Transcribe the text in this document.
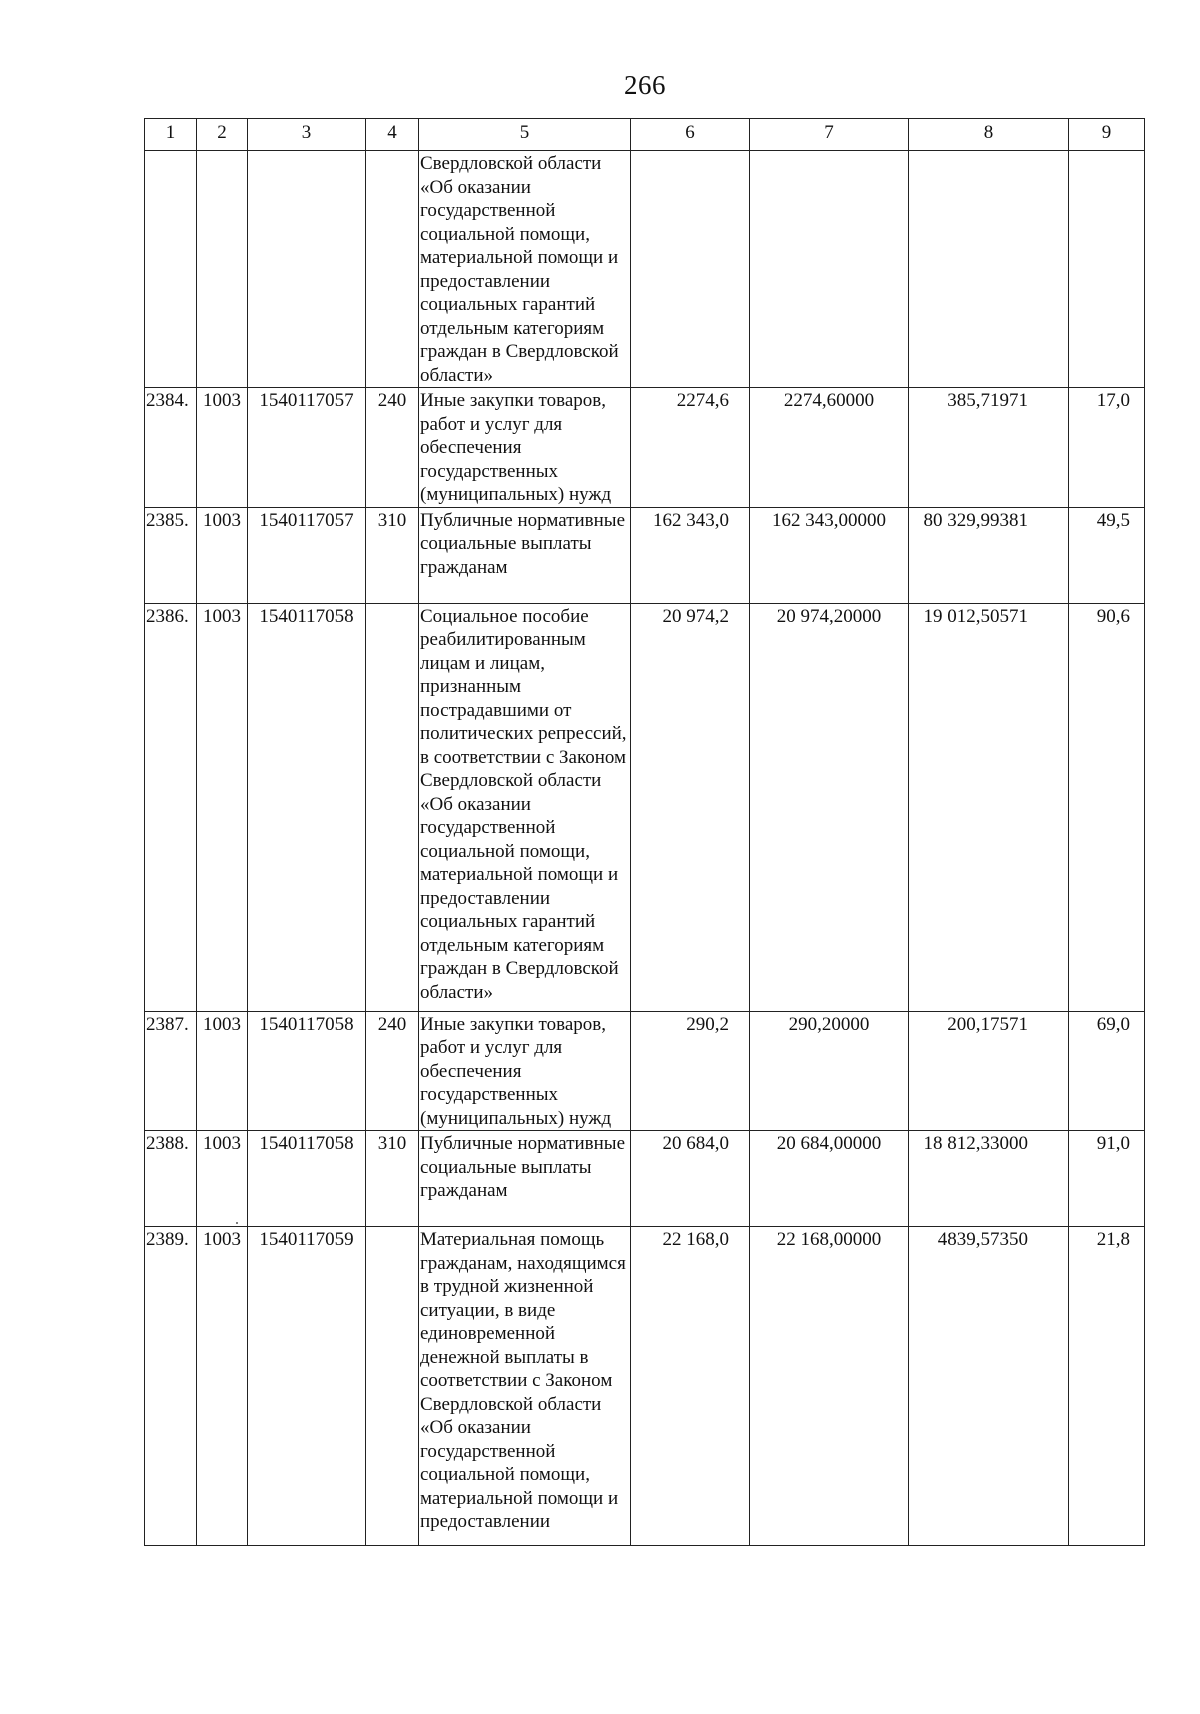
266
1	2	3	4	5	6	7	8	9
				Свердловской области «Об оказании государственной социальной помощи, материальной помощи и предоставлении социальных гарантий отдельным категориям граждан в Свердловской области»				
2384.	1003	1540117057	240	Иные закупки товаров, работ и услуг для обеспечения государственных (муниципальных) нужд	2274,6	2274,60000	385,71971	17,0
2385.	1003	1540117057	310	Публичные нормативные социальные выплаты гражданам	162 343,0	162 343,00000	80 329,99381	49,5
2386.	1003	1540117058		Социальное пособие реабилитированным лицам и лицам, признанным пострадавшими от политических репрессий, в соответствии с Законом Свердловской области «Об оказании государственной социальной помощи, материальной помощи и предоставлении социальных гарантий отдельным категориям граждан в Свердловской области»	20 974,2	20 974,20000	19 012,50571	90,6
2387.	1003	1540117058	240	Иные закупки товаров, работ и услуг для обеспечения государственных (муниципальных) нужд	290,2	290,20000	200,17571	69,0
2388.	1003	1540117058	310	Публичные нормативные социальные выплаты гражданам	20 684,0	20 684,00000	18 812,33000	91,0
2389.	1003	1540117059		Материальная помощь гражданам, находящимся в трудной жизненной ситуации, в виде единовременной денежной выплаты в соответствии с Законом Свердловской области «Об оказании государственной социальной помощи, материальной помощи и предоставлении	22 168,0	22 168,00000	4839,57350	21,8
